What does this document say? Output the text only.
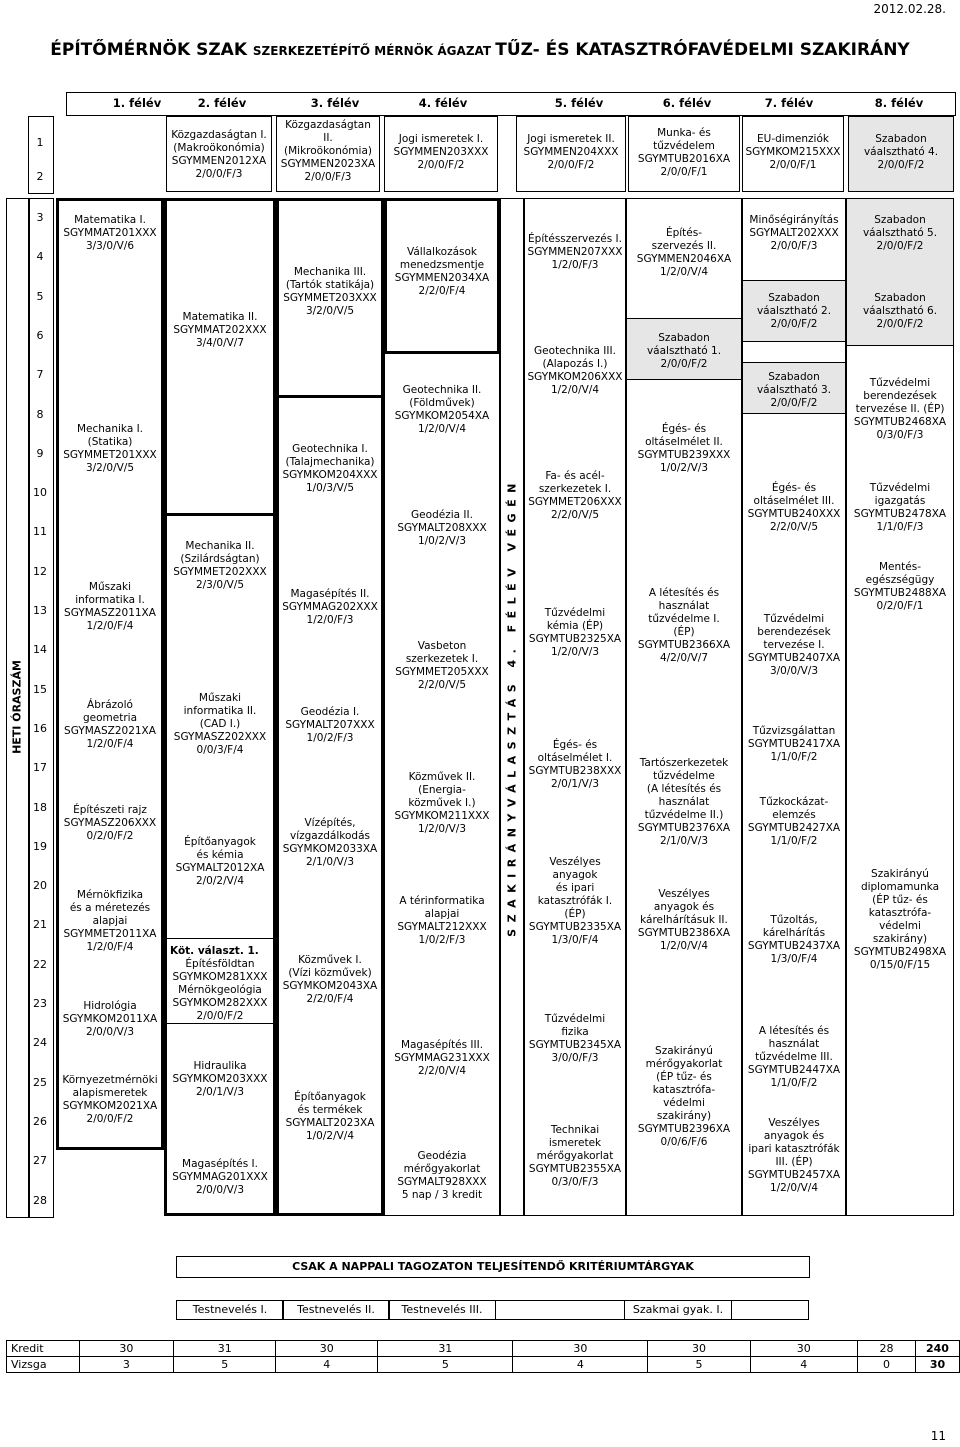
2012.02.28.
ÉPÍTŐMÉRNÖK SZAK SZERKEZETÉPÍTŐ MÉRNÖK ÁGAZAT TŰZ- ÉS KATASZTRÓFAVÉDELMI SZAKIRÁNY
1. félév	2. félév	3. félév	4. félév	5. félév	6. félév	7. félév	8. félév
HETI ÓRASZÁM
1
2
3
4
5
6
7
8
9
10
11
12
13
14
15
16
17
18
19
20
21
22
23
24
25
26
27
28
Közgazdaságtan I.
(Makroökonómia)
SGYMMEN2012XA
2/0/0/F/3
Közgazdaságtan
II.
(Mikroökonómia)
SGYMMEN2023XA
2/0/0/F/3
Jogi ismeretek I.
SGYMMEN203XXX
2/0/0/F/2
Jogi ismeretek II.
SGYMMEN204XXX
2/0/0/F/2
Munka- és
tűzvédelem
SGYMTUB2016XA
2/0/0/F/1
EU-dimenziók
SGYMKOM215XXX
2/0/0/F/1
Szabadon
váalsztható 4.
2/0/0/F/2
Matematika I.
SGYMMAT201XXX
3/3/0/V/6
Mechanika I.
(Statika)
SGYMMET201XXX
3/2/0/V/5
Műszaki
informatika I.
SGYMASZ2011XA
1/2/0/F/4
Ábrázoló
geometria
SGYMASZ2021XA
1/2/0/F/4
Építészeti rajz
SGYMASZ206XXX
0/2/0/F/2
Mérnökfizika
és a méretezés
alapjai
SGYMMET2011XA
1/2/0/F/4
Hidrológia
SGYMKOM2011XA
2/0/0/V/3
Környezetmérnöki
alapismeretek
SGYMKOM2021XA
2/0/0/F/2
Matematika II.
SGYMMAT202XXX
3/4/0/V/7
Mechanika II.
(Szilárdságtan)
SGYMMET202XXX
2/3/0/V/5
Műszaki
informatika II.
(CAD I.)
SGYMASZ202XXX
0/0/3/F/4
Építőanyagok
és kémia
SGYMALT2012XA
2/0/2/V/4
Köt. választ. 1.
Építésföldtan
SGYMKOM281XXX
Mérnökgeológia
SGYMKOM282XXX
2/0/0/F/2
Hidraulika
SGYMKOM203XXX
2/0/1/V/3
Magasépítés I.
SGYMMAG201XXX
2/0/0/V/3
Mechanika III.
(Tartók statikája)
SGYMMET203XXX
3/2/0/V/5
Geotechnika I.
(Talajmechanika)
SGYMKOM204XXX
1/0/3/V/5
Magasépítés II.
SGYMMAG202XXX
1/2/0/F/3
Geodézia I.
SGYMALT207XXX
1/0/2/F/3
Vízépítés,
vízgazdálkodás
SGYMKOM2033XA
2/1/0/V/3
Közművek I.
(Vízi közművek)
SGYMKOM2043XA
2/2/0/F/4
Építőanyagok
és termékek
SGYMALT2023XA
1/0/2/V/4
Vállalkozások
menedzsmentje
SGYMMEN2034XA
2/2/0/F/4
Geotechnika II.
(Földművek)
SGYMKOM2054XA
1/2/0/V/4
Geodézia II.
SGYMALT208XXX
1/0/2/V/3
Vasbeton
szerkezetek I.
SGYMMET205XXX
2/2/0/V/5
Közművek II.
(Energia-
közművek I.)
SGYMKOM211XXX
1/2/0/V/3
A térinformatika
alapjai
SGYMALT212XXX
1/0/2/F/3
Magasépítés III.
SGYMMAG231XXX
2/2/0/V/4
Geodézia
mérőgyakorlat
SGYMALT928XXX
5 nap / 3 kredit
SZAKIRÁNYVÁLASZTÁS 4. FÉLÉV VÉGÉN
Építésszervezés I.
SGYMMEN207XXX
1/2/0/F/3
Geotechnika III.
(Alapozás I.)
SGYMKOM206XXX
1/2/0/V/4
Fa- és acél-
szerkezetek I.
SGYMMET206XXX
2/2/0/V/5
Tűzvédelmi
kémia (ÉP)
SGYMTUB2325XA
1/2/0/V/3
Égés- és
oltáselmélet I.
SGYMTUB238XXX
2/0/1/V/3
Veszélyes
anyagok
és ipari
katasztrófák I.
(ÉP)
SGYMTUB2335XA
1/3/0/F/4
Tűzvédelmi
fizika
SGYMTUB2345XA
3/0/0/F/3
Technikai
ismeretek
mérőgyakorlat
SGYMTUB2355XA
0/3/0/F/3
Építés-
szervezés II.
SGYMMEN2046XA
1/2/0/V/4
Szabadon
váalsztható 1.
2/0/0/F/2
Égés- és
oltáselmélet II.
SGYMTUB239XXX
1/0/2/V/3
A létesítés és
használat
tűzvédelme I.
(ÉP)
SGYMTUB2366XA
4/2/0/V/7
Tartószerkezetek
tűzvédelme
(A létesítés és
használat
tűzvédelme II.)
SGYMTUB2376XA
2/1/0/V/3
Veszélyes
anyagok és
kárelhárításuk II.
SGYMTUB2386XA
1/2/0/V/4
Szakirányú
mérőgyakorlat
(ÉP tűz- és
katasztrófa-
védelmi
szakirány)
SGYMTUB2396XA
0/0/6/F/6
Minőségirányítás
SGYMALT202XXX
2/0/0/F/3
Szabadon
váalsztható 2.
2/0/0/F/2
Szabadon
váalsztható 3.
2/0/0/F/2
Égés- és
oltáselmélet III.
SGYMTUB240XXX
2/2/0/V/5
Tűzvédelmi
berendezések
tervezése I.
SGYMTUB2407XA
3/0/0/V/3
Tűzvizsgálattan
SGYMTUB2417XA
1/1/0/F/2
Tűzkockázat-
elemzés
SGYMTUB2427XA
1/1/0/F/2
Tűzoltás,
kárelhárítás
SGYMTUB2437XA
1/3/0/F/4
A létesítés és
használat
tűzvédelme III.
SGYMTUB2447XA
1/1/0/F/2
Veszélyes
anyagok és
ipari katasztrófák
III. (ÉP)
SGYMTUB2457XA
1/2/0/V/4
Szabadon
váalsztható 5.
2/0/0/F/2
Szabadon
váalsztható 6.
2/0/0/F/2
Tűzvédelmi
berendezések
tervezése II. (ÉP)
SGYMTUB2468XA
0/3/0/F/3
Tűzvédelmi
igazgatás
SGYMTUB2478XA
1/1/0/F/3
Mentés-
egészségügy
SGYMTUB2488XA
0/2/0/F/1
Szakirányú
diplomamunka
(ÉP tűz- és
katasztrófa-
védelmi
szakirány)
SGYMTUB2498XA
0/15/0/F/15
CSAK A NAPPALI TAGOZATON TELJESÍTENDŐ KRITÉRIUMTÁRGYAK
Testnevelés I.	Testnevelés II.	Testnevelés III.	Szakmai gyak. I.
Kredit	30	31	30	31	30	30	30	28	240
Vizsga	3	5	4	5	4	5	4	0	30
11
